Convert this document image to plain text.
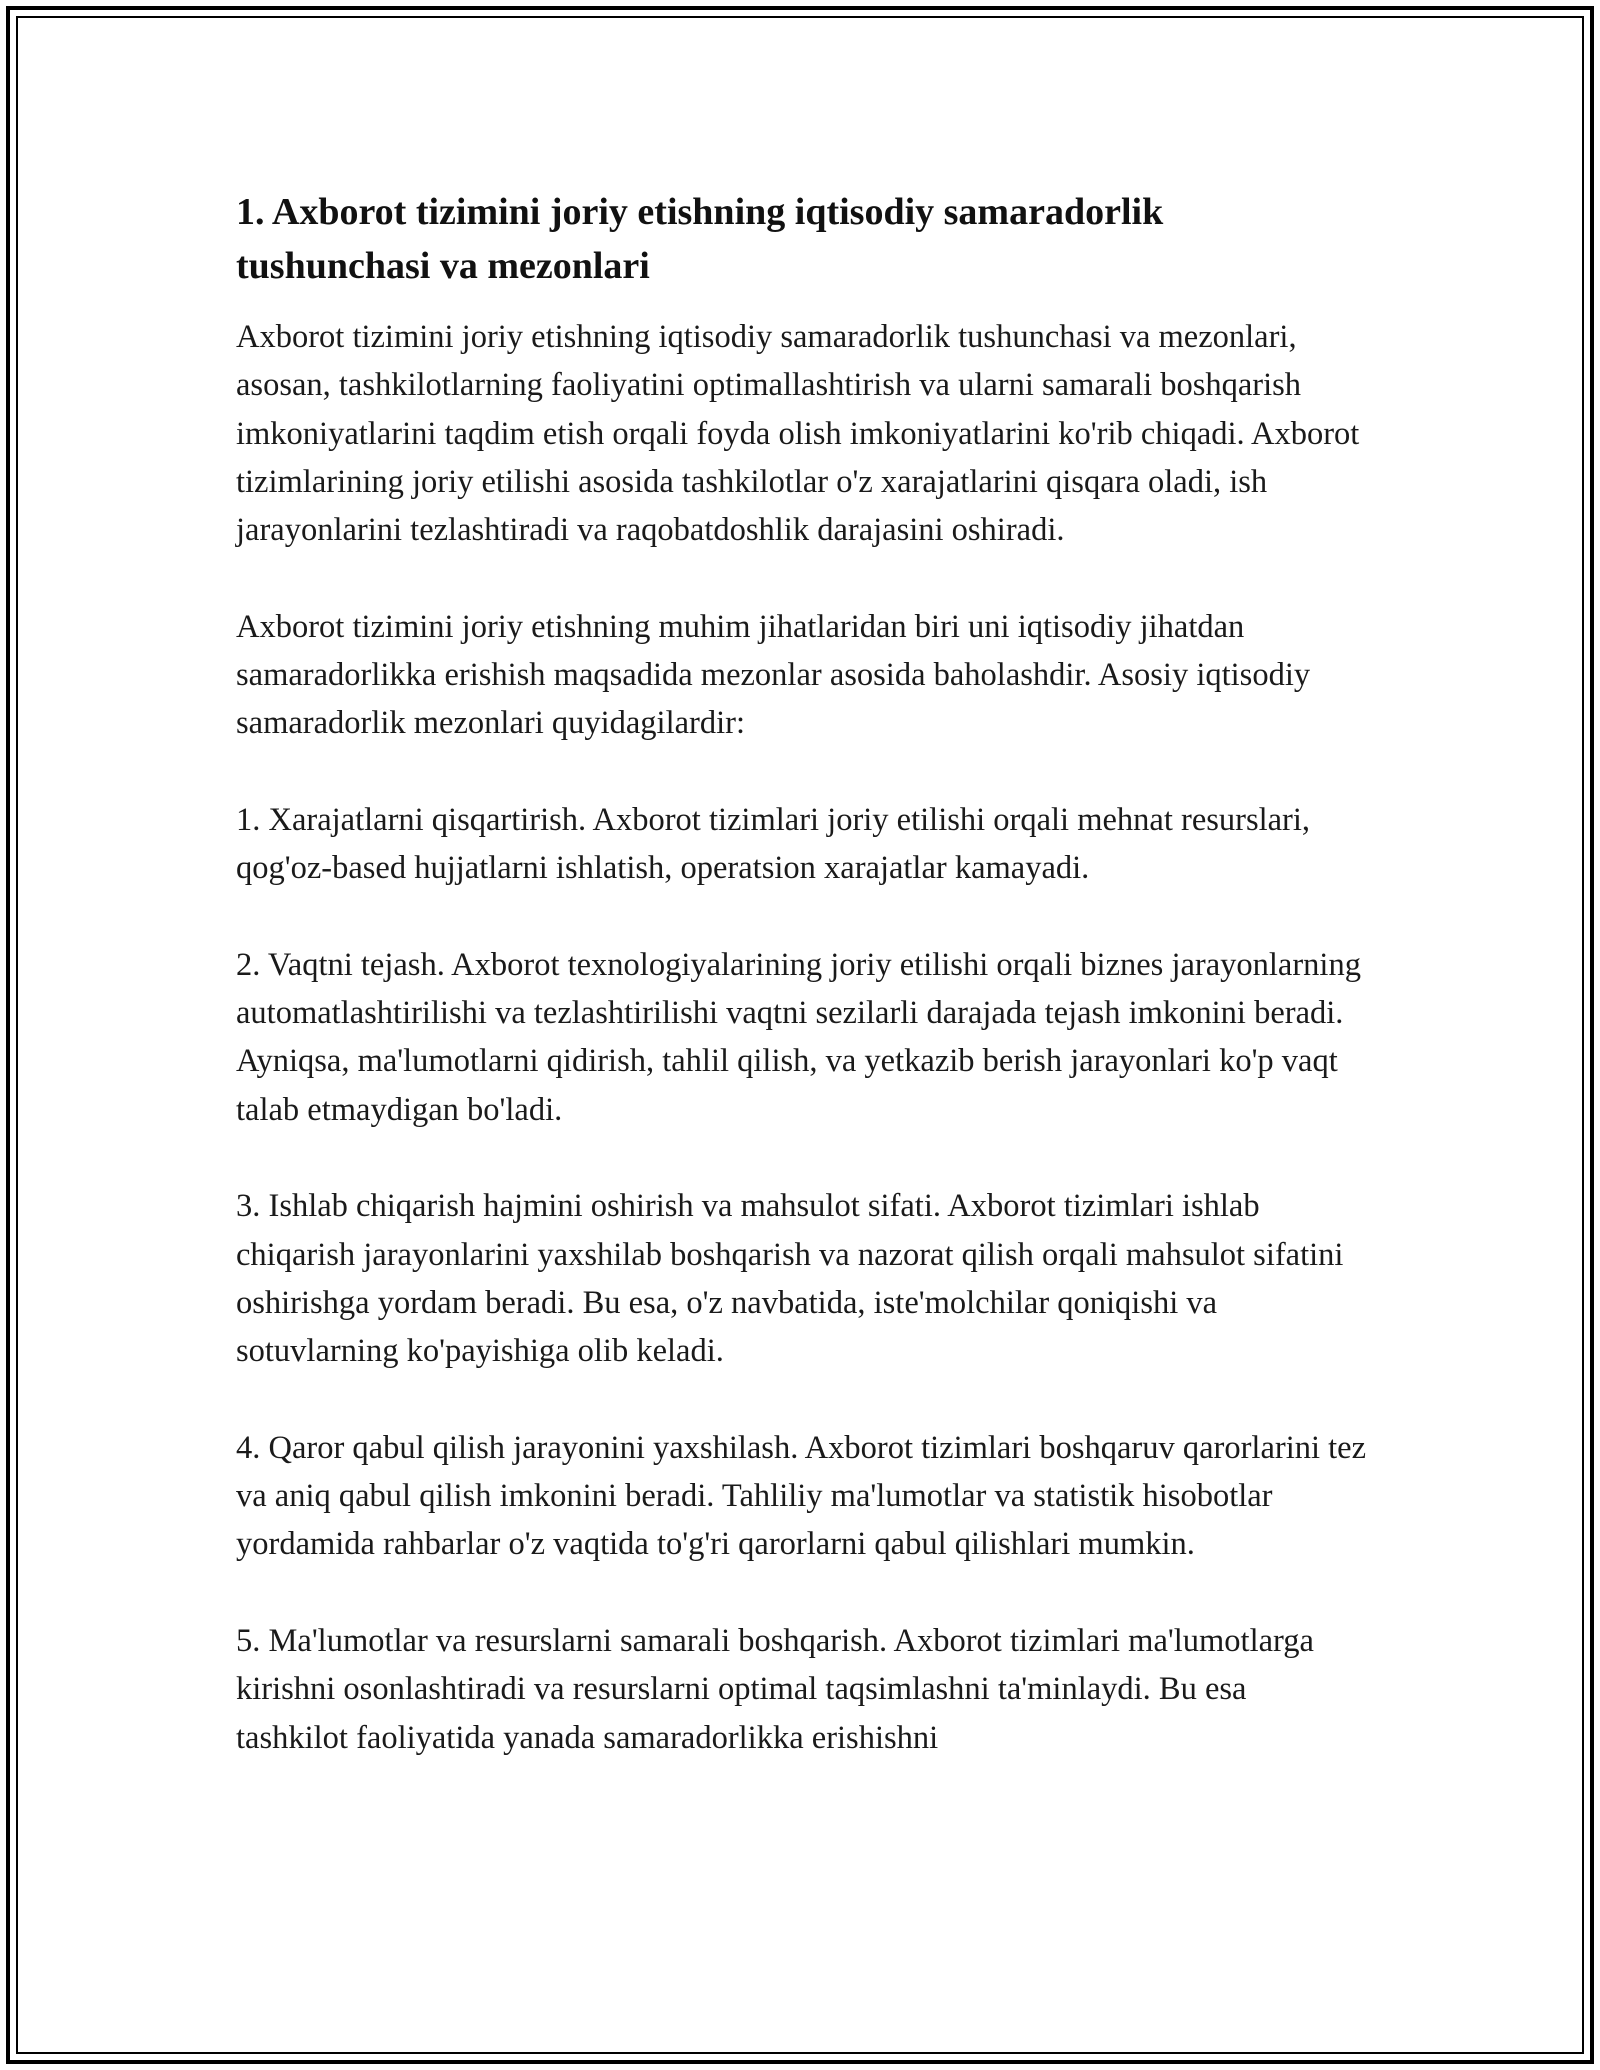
1. Axborot tizimini joriy etishning iqtisodiy samaradorlik tushunchasi va mezonlari

Axborot tizimini joriy etishning iqtisodiy samaradorlik tushunchasi va mezonlari, asosan, tashkilotlarning faoliyatini optimallashtirish va ularni samarali boshqarish imkoniyatlarini taqdim etish orqali foyda olish imkoniyatlarini ko'rib chiqadi. Axborot tizimlarining joriy etilishi asosida tashkilotlar o'z xarajatlarini qisqara oladi, ish jarayonlarini tezlashtiradi va raqobatdoshlik darajasini oshiradi.

Axborot tizimini joriy etishning muhim jihatlaridan biri uni iqtisodiy jihatdan samaradorlikka erishish maqsadida mezonlar asosida baholashdir. Asosiy iqtisodiy samaradorlik mezonlari quyidagilardir:

1. Xarajatlarni qisqartirish. Axborot tizimlari joriy etilishi orqali mehnat resurslari, qog'oz-based hujjatlarni ishlatish, operatsion xarajatlar kamayadi.

2. Vaqtni tejash. Axborot texnologiyalarining joriy etilishi orqali biznes jarayonlarning automatlashtirilishi va tezlashtirilishi vaqtni sezilarli darajada tejash imkonini beradi. Ayniqsa, ma'lumotlarni qidirish, tahlil qilish, va yetkazib berish jarayonlari ko'p vaqt talab etmaydigan bo'ladi.

3. Ishlab chiqarish hajmini oshirish va mahsulot sifati. Axborot tizimlari ishlab chiqarish jarayonlarini yaxshilab boshqarish va nazorat qilish orqali mahsulot sifatini oshirishga yordam beradi. Bu esa, o'z navbatida, iste'molchilar qoniqishi va sotuvlarning ko'payishiga olib keladi.

4. Qaror qabul qilish jarayonini yaxshilash. Axborot tizimlari boshqaruv qarorlarini tez va aniq qabul qilish imkonini beradi. Tahliliy ma'lumotlar va statistik hisobotlar yordamida rahbarlar o'z vaqtida to'g'ri qarorlarni qabul qilishlari mumkin.

5. Ma'lumotlar va resurslarni samarali boshqarish. Axborot tizimlari ma'lumotlarga kirishni osonlashtiradi va resurslarni optimal taqsimlashni ta'minlaydi. Bu esa tashkilot faoliyatida yanada samaradorlikka erishishni
